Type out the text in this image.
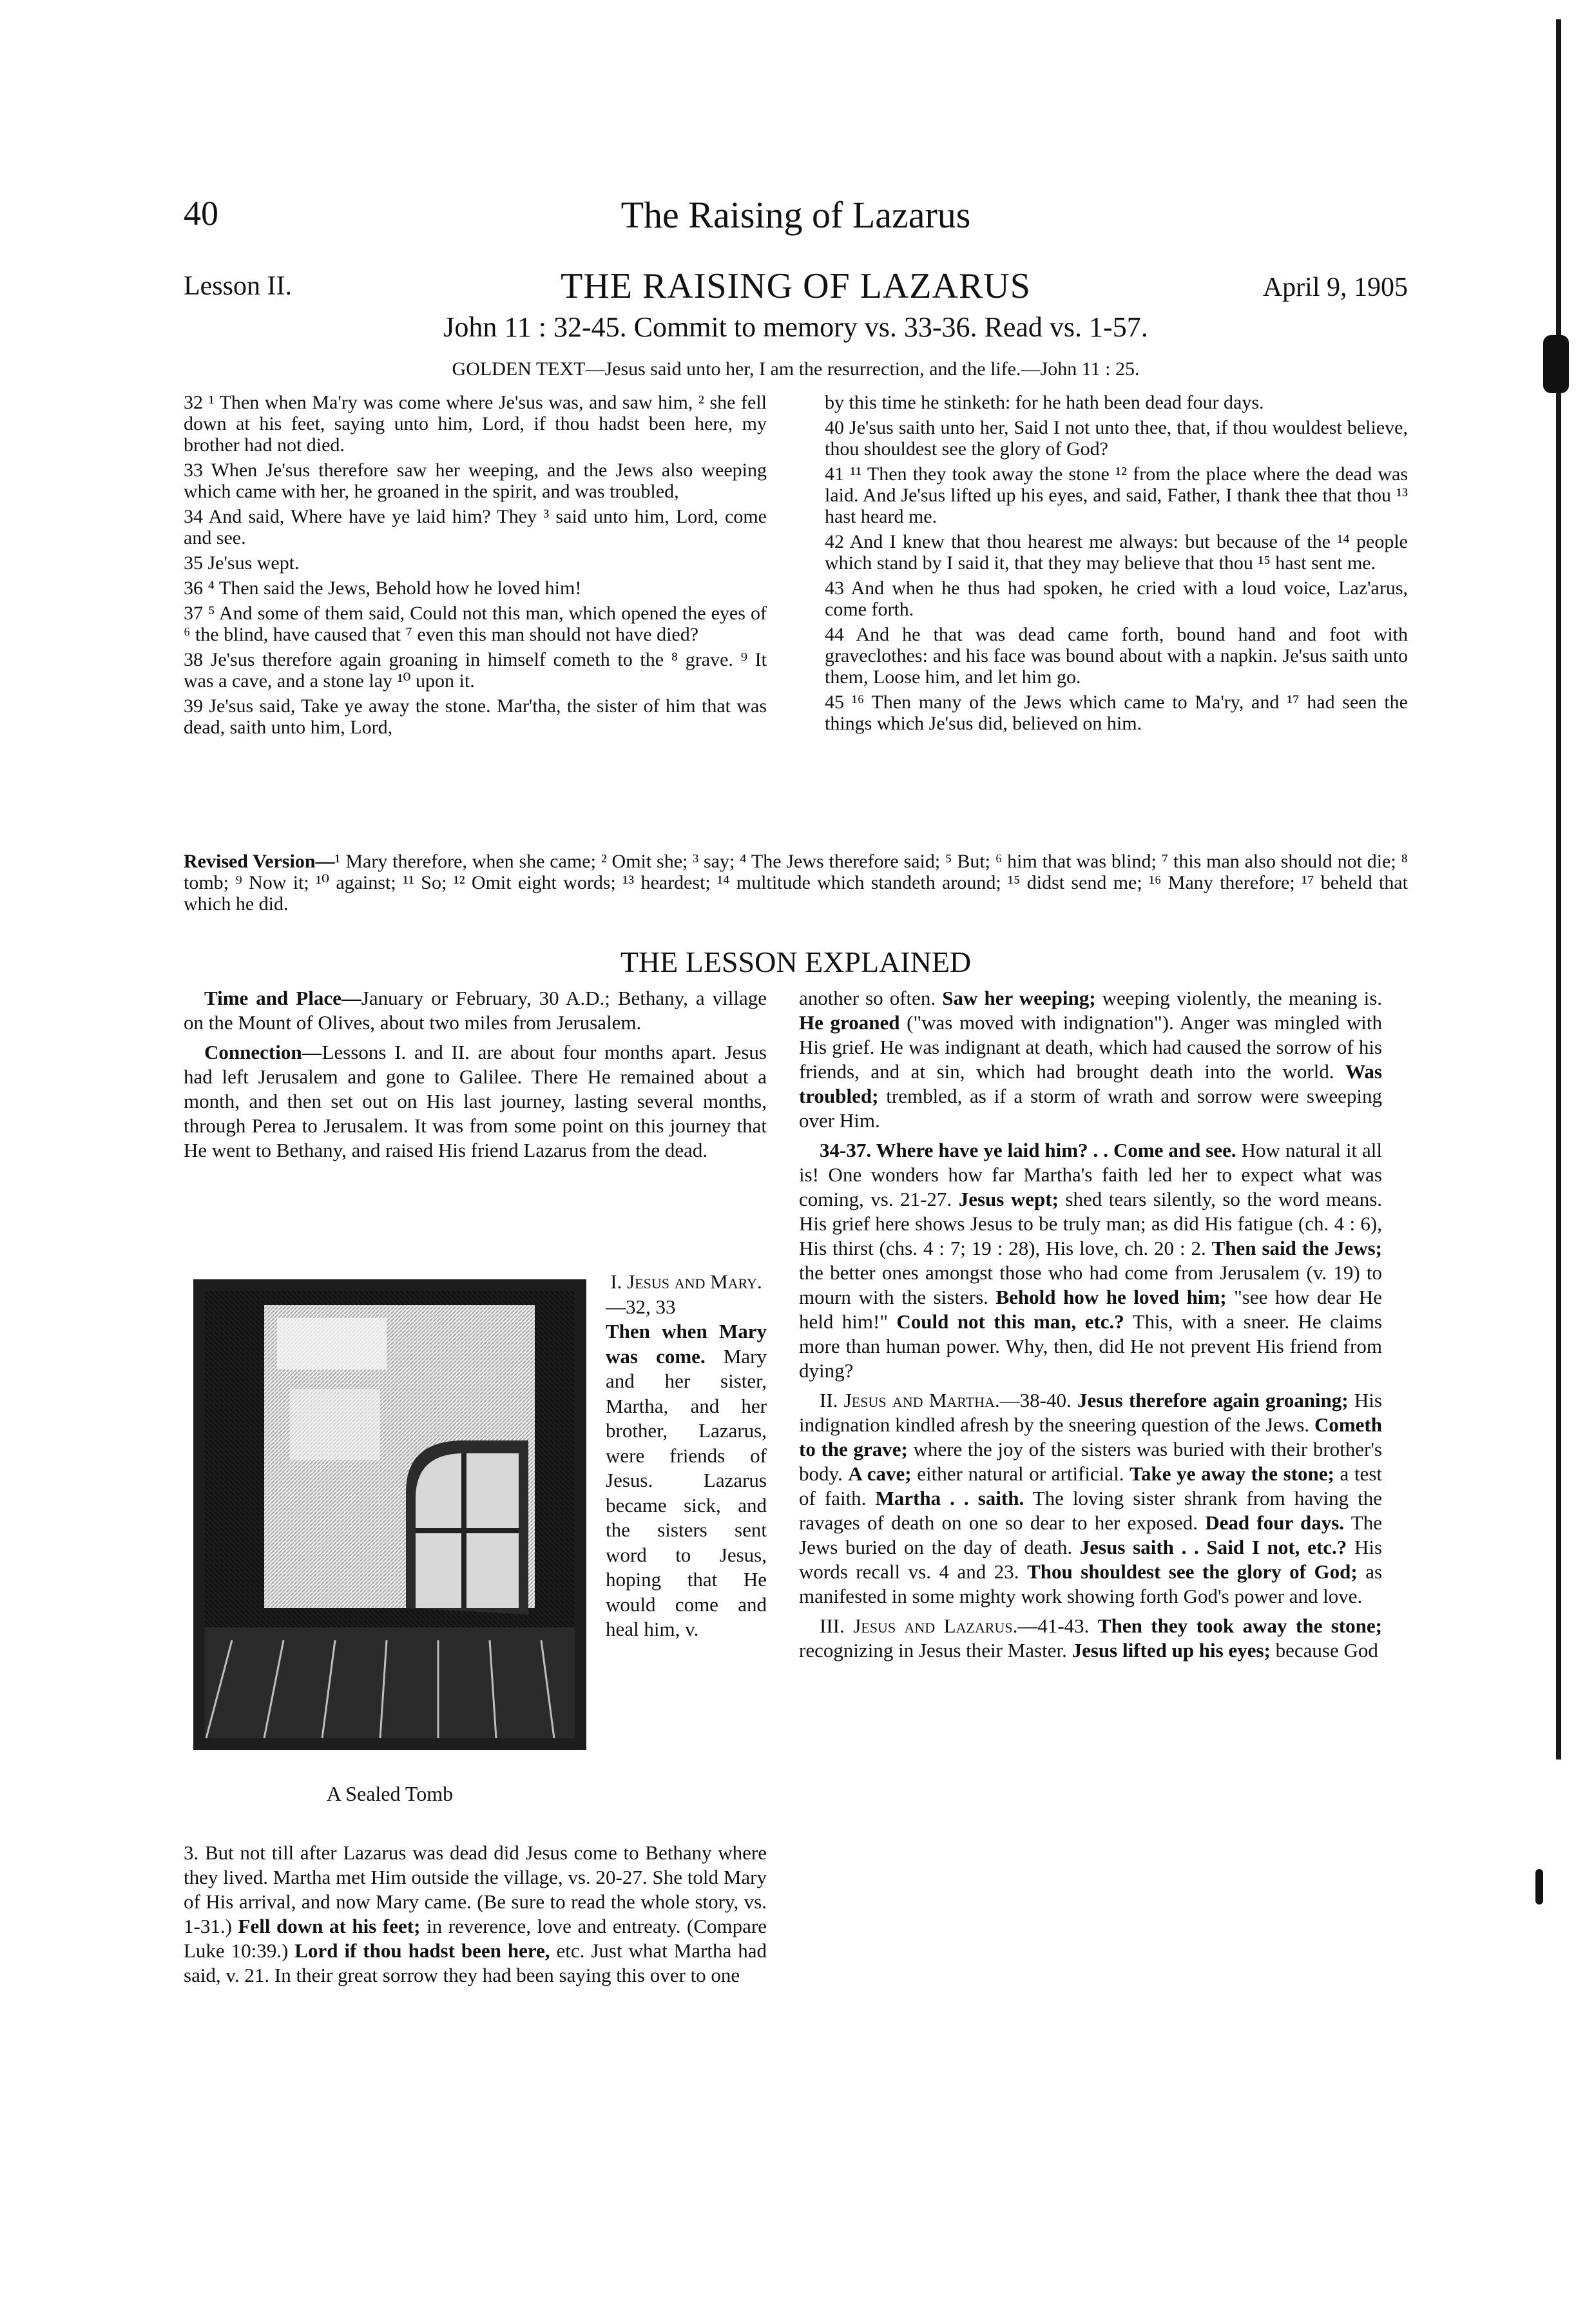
40	The Raising of Lazarus
Lesson II.	THE RAISING OF LAZARUS	April 9, 1905
John 11 : 32-45. Commit to memory vs. 33-36. Read vs. 1-57.
GOLDEN TEXT—Jesus said unto her, I am the resurrection, and the life.—John 11 : 25.

32 ¹ Then when Ma'ry was come where Je'sus was, and saw him, ² she fell down at his feet, saying unto him, Lord, if thou hadst been here, my brother had not died.

33 When Je'sus therefore saw her weeping, and the Jews also weeping which came with her, he groaned in the spirit, and was troubled,

34 And said, Where have ye laid him? They ³ said unto him, Lord, come and see.

35 Je'sus wept.

36 ⁴ Then said the Jews, Behold how he loved him!

37 ⁵ And some of them said, Could not this man, which opened the eyes of ⁶ the blind, have caused that ⁷ even this man should not have died?

38 Je'sus therefore again groaning in himself cometh to the ⁸ grave. ⁹ It was a cave, and a stone lay ¹⁰ upon it.

39 Je'sus said, Take ye away the stone. Mar'tha, the sister of him that was dead, saith unto him, Lord,

by this time he stinketh: for he hath been dead four days.

40 Je'sus saith unto her, Said I not unto thee, that, if thou wouldest believe, thou shouldest see the glory of God?

41 ¹¹ Then they took away the stone ¹² from the place where the dead was laid. And Je'sus lifted up his eyes, and said, Father, I thank thee that thou ¹³ hast heard me.

42 And I knew that thou hearest me always: but because of the ¹⁴ people which stand by I said it, that they may believe that thou ¹⁵ hast sent me.

43 And when he thus had spoken, he cried with a loud voice, Laz'arus, come forth.

44 And he that was dead came forth, bound hand and foot with graveclothes: and his face was bound about with a napkin. Je'sus saith unto them, Loose him, and let him go.

45 ¹⁶ Then many of the Jews which came to Ma'ry, and ¹⁷ had seen the things which Je'sus did, believed on him.

Revised Version—¹ Mary therefore, when she came; ² Omit she; ³ say; ⁴ The Jews therefore said; ⁵ But; ⁶ him that was blind; ⁷ this man also should not die; ⁸ tomb; ⁹ Now it; ¹⁰ against; ¹¹ So; ¹² Omit eight words; ¹³ heardest; ¹⁴ multitude which standeth around; ¹⁵ didst send me; ¹⁶ Many therefore; ¹⁷ beheld that which he did.
THE LESSON EXPLAINED

Time and Place—January or February, 30 A.D.; Bethany, a village on the Mount of Olives, about two miles from Jerusalem.

Connection—Lessons I. and II. are about four months apart. Jesus had left Jerusalem and gone to Galilee. There He remained about a month, and then set out on His last journey, lasting several months, through Perea to Jerusalem. It was from some point on this journey that He went to Bethany, and raised His friend Lazarus from the dead.

A Sealed Tomb
I. Jesus and Mary.
—32, 33
Then when Mary was come. Mary and her sister, Martha, and her brother, Lazarus, were friends of Jesus. Lazarus became sick, and the sisters sent word to Jesus, hoping that He would come and heal him, v.
3. But not till after Lazarus was dead did Jesus come to Bethany where they lived. Martha met Him outside the village, vs. 20-27. She told Mary of His arrival, and now Mary came. (Be sure to read the whole story, vs. 1-31.) Fell down at his feet; in reverence, love and entreaty. (Compare Luke 10:39.) Lord if thou hadst been here, etc. Just what Martha had said, v. 21. In their great sorrow they had been saying this over to one

another so often. Saw her weeping; weeping violently, the meaning is. He groaned ("was moved with indignation"). Anger was mingled with His grief. He was indignant at death, which had caused the sorrow of his friends, and at sin, which had brought death into the world. Was troubled; trembled, as if a storm of wrath and sorrow were sweeping over Him.

34-37. Where have ye laid him? . . Come and see. How natural it all is! One wonders how far Martha's faith led her to expect what was coming, vs. 21-27. Jesus wept; shed tears silently, so the word means. His grief here shows Jesus to be truly man; as did His fatigue (ch. 4 : 6), His thirst (chs. 4 : 7; 19 : 28), His love, ch. 20 : 2. Then said the Jews; the better ones amongst those who had come from Jerusalem (v. 19) to mourn with the sisters. Behold how he loved him; "see how dear He held him!" Could not this man, etc.? This, with a sneer. He claims more than human power. Why, then, did He not prevent His friend from dying?

II. Jesus and Martha.—38-40. Jesus therefore again groaning; His indignation kindled afresh by the sneering question of the Jews. Cometh to the grave; where the joy of the sisters was buried with their brother's body. A cave; either natural or artificial. Take ye away the stone; a test of faith. Martha . . saith. The loving sister shrank from having the ravages of death on one so dear to her exposed. Dead four days. The Jews buried on the day of death. Jesus saith . . Said I not, etc.? His words recall vs. 4 and 23. Thou shouldest see the glory of God; as manifested in some mighty work showing forth God's power and love.

III. Jesus and Lazarus.—41-43. Then they took away the stone; recognizing in Jesus their Master. Jesus lifted up his eyes; because God
